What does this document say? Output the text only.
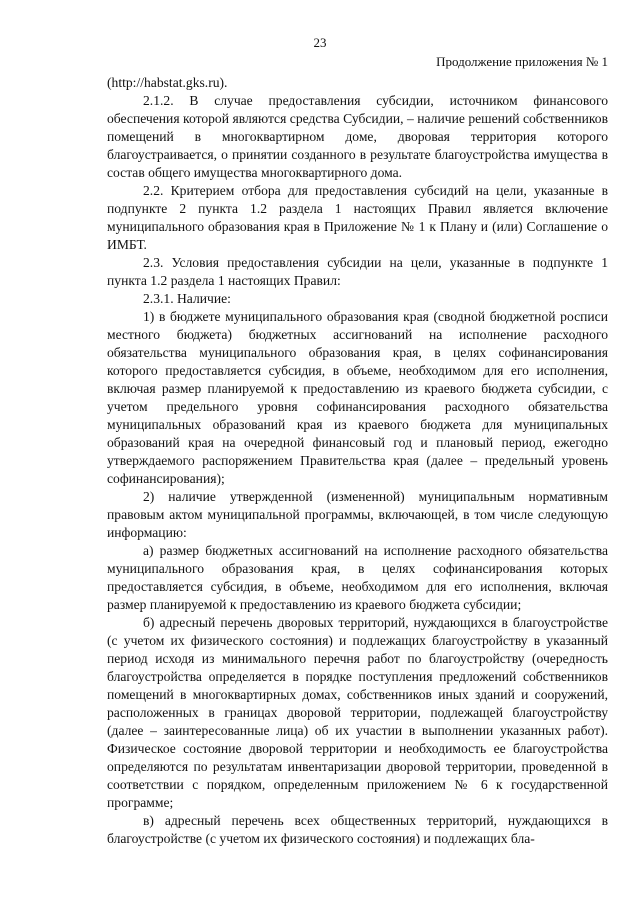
23
Продолжение приложения № 1

(http://habstat.gks.ru).

2.1.2. В случае предоставления субсидии, источником финансового обеспечения которой являются средства Субсидии, – наличие решений собственников помещений в многоквартирном доме, дворовая территория которого благоустраивается, о принятии созданного в результате благоустройства имущества в состав общего имущества многоквартирного дома.

2.2. Критерием отбора для предоставления субсидий на цели, указанные в подпункте 2 пункта 1.2 раздела 1 настоящих Правил является включение муниципального образования края в Приложение № 1 к Плану и (или) Соглашение о ИМБТ.

2.3. Условия предоставления субсидии на цели, указанные в подпункте 1 пункта 1.2 раздела 1 настоящих Правил:

2.3.1. Наличие:

1) в бюджете муниципального образования края (сводной бюджетной росписи местного бюджета) бюджетных ассигнований на исполнение расходного обязательства муниципального образования края, в целях софинансирования которого предоставляется субсидия, в объеме, необходимом для его исполнения, включая размер планируемой к предоставлению из краевого бюджета субсидии, с учетом предельного уровня софинансирования расходного обязательства муниципальных образований края из краевого бюджета для муниципальных образований края на очередной финансовый год и плановый период, ежегодно утверждаемого распоряжением Правительства края (далее – предельный уровень софинансирования);

2) наличие утвержденной (измененной) муниципальным нормативным правовым актом муниципальной программы, включающей, в том числе следующую информацию:

а) размер бюджетных ассигнований на исполнение расходного обязательства муниципального образования края, в целях софинансирования которых предоставляется субсидия, в объеме, необходимом для его исполнения, включая размер планируемой к предоставлению из краевого бюджета субсидии;

б) адресный перечень дворовых территорий, нуждающихся в благоустройстве (с учетом их физического состояния) и подлежащих благоустройству в указанный период исходя из минимального перечня работ по благоустройству (очередность благоустройства определяется в порядке поступления предложений собственников помещений в многоквартирных домах, собственников иных зданий и сооружений, расположенных в границах дворовой территории, подлежащей благоустройству (далее – заинтересованные лица) об их участии в выполнении указанных работ). Физическое состояние дворовой территории и необходимость ее благоустройства определяются по результатам инвентаризации дворовой территории, проведенной в соответствии с порядком, определенным приложением № 6 к государственной программе;

в) адресный перечень всех общественных территорий, нуждающихся в благоустройстве (с учетом их физического состояния) и подлежащих бла-
